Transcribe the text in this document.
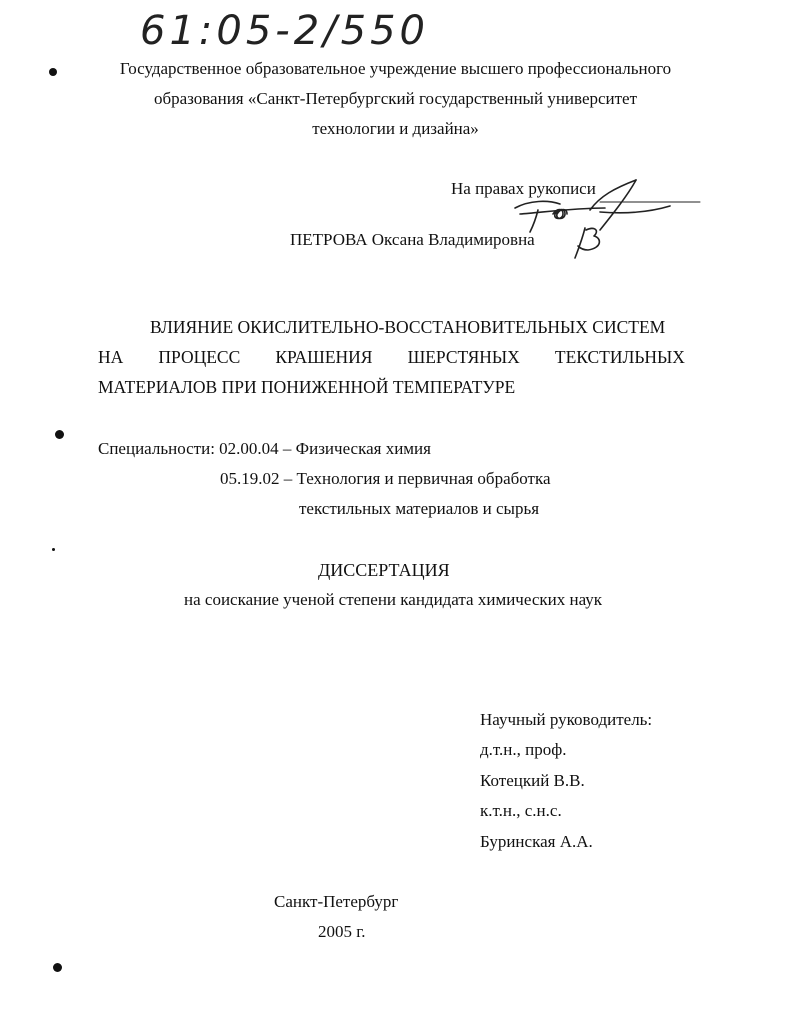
61:05-2/550
Государственное образовательное учреждение высшего профессионального
образования «Санкт-Петербургский государственный университет
технологии и дизайна»
На правах рукописи
ПЕТРОВА Оксана Владимировна
ВЛИЯНИЕ ОКИСЛИТЕЛЬНО-ВОССТАНОВИТЕЛЬНЫХ СИСТЕМ
НА ПРОЦЕСС КРАШЕНИЯ ШЕРСТЯНЫХ ТЕКСТИЛЬНЫХ
МАТЕРИАЛОВ ПРИ ПОНИЖЕННОЙ ТЕМПЕРАТУРЕ
Специальности: 02.00.04 – Физическая химия
05.19.02 – Технология и первичная обработка
текстильных материалов и сырья
ДИССЕРТАЦИЯ
на соискание ученой степени кандидата химических наук
Научный руководитель:
д.т.н., проф.
Котецкий В.В.
к.т.н., с.н.с.
Буринская А.А.
Санкт-Петербург
2005 г.
